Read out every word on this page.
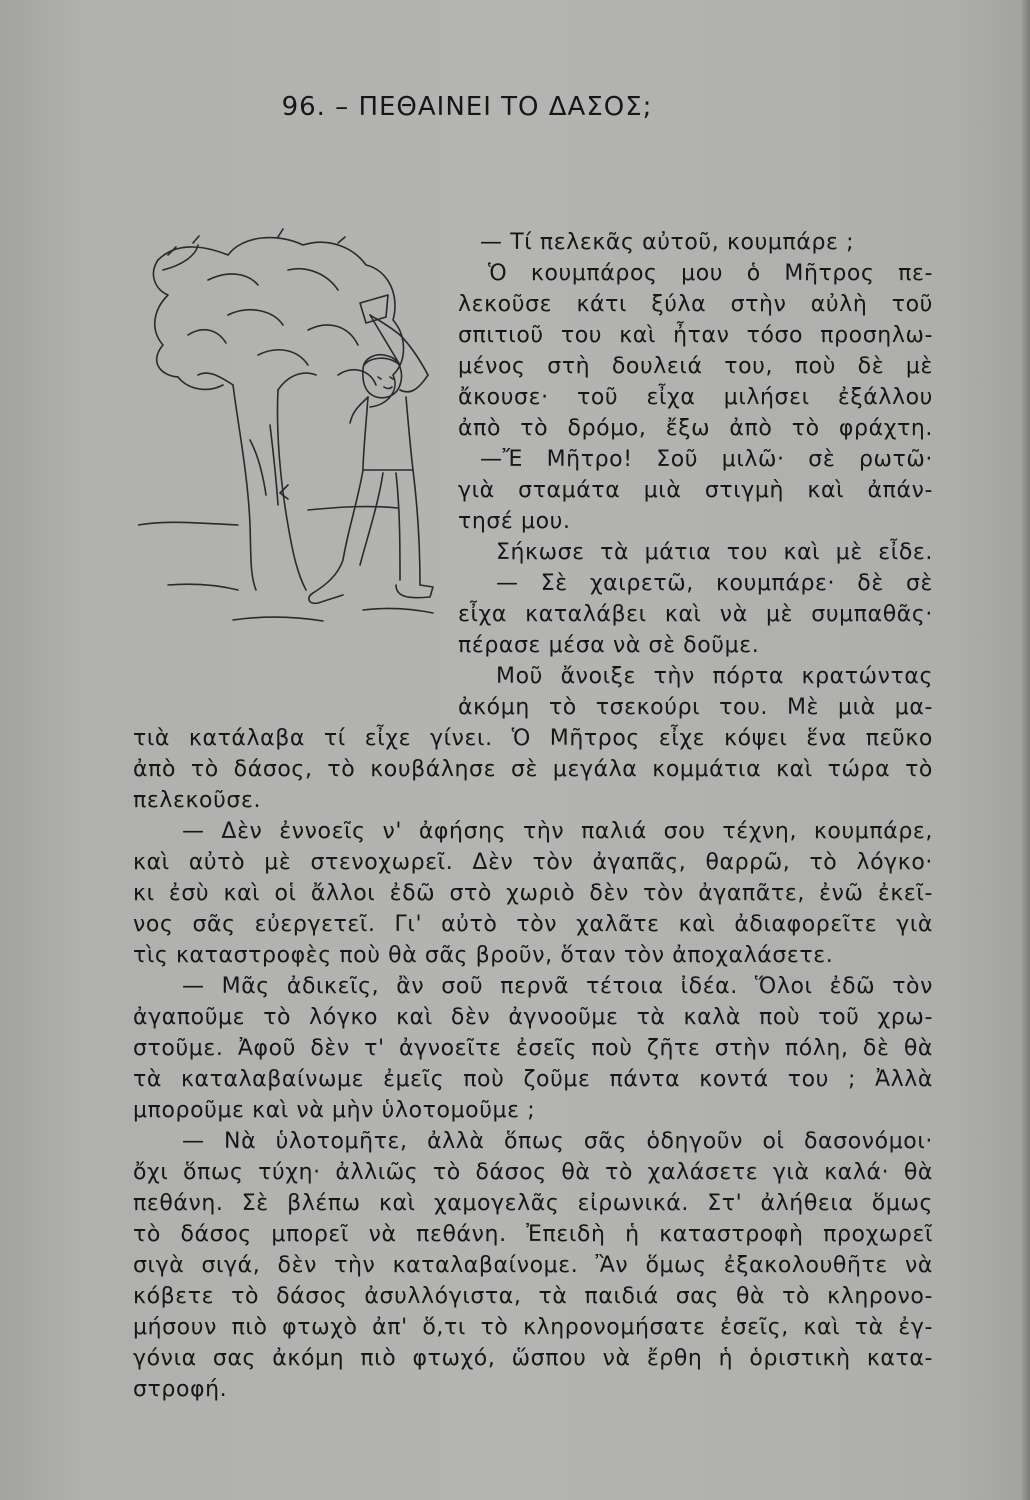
96. – ΠΕΘΑΙΝΕΙ ΤΟ ΔΑΣΟΣ;
— Τί πελεκᾶς αὐτοῦ, κουμπάρε ;
Ὁ κουμπάρος μου ὁ Μῆτρος πε-
λεκοῦσε κάτι ξύλα στὴν αὐλὴ τοῦ
σπιτιοῦ του καὶ ἦταν τόσο προσηλω-
μένος στὴ δουλειά του, ποὺ δὲ μὲ
ἄκουσε· τοῦ εἶχα μιλήσει ἐξάλλου
ἀπὸ τὸ δρόμο, ἔξω ἀπὸ τὸ φράχτη.
—Ἔ Μῆτρο! Σοῦ μιλῶ· σὲ ρωτῶ·
γιὰ σταμάτα μιὰ στιγμὴ καὶ ἀπάν-
τησέ μου.
Σήκωσε τὰ μάτια του καὶ μὲ εἶδε.
— Σὲ χαιρετῶ, κουμπάρε· δὲ σὲ
εἶχα καταλάβει καὶ νὰ μὲ συμπαθᾶς·
πέρασε μέσα νὰ σὲ δοῦμε.
Μοῦ ἄνοιξε τὴν πόρτα κρατώντας
ἀκόμη τὸ τσεκούρι του. Μὲ μιὰ μα-
τιὰ κατάλαβα τί εἶχε γίνει. Ὁ Μῆτρος εἶχε κόψει ἕνα πεῦκο
ἀπὸ τὸ δάσος, τὸ κουβάλησε σὲ μεγάλα κομμάτια καὶ τώρα τὸ
πελεκοῦσε.
— Δὲν ἐννοεῖς ν' ἀφήσης τὴν παλιά σου τέχνη, κουμπάρε,
καὶ αὐτὸ μὲ στενοχωρεῖ. Δὲν τὸν ἀγαπᾶς, θαρρῶ, τὸ λόγκο·
κι ἐσὺ καὶ οἱ ἄλλοι ἐδῶ στὸ χωριὸ δὲν τὸν ἀγαπᾶτε, ἐνῶ ἐκεῖ-
νος σᾶς εὐεργετεῖ. Γι' αὐτὸ τὸν χαλᾶτε καὶ ἀδιαφορεῖτε γιὰ
τὶς καταστροφὲς ποὺ θὰ σᾶς βροῦν, ὅταν τὸν ἀποχαλάσετε.
— Μᾶς ἀδικεῖς, ἂν σοῦ περνᾶ τέτοια ἰδέα. Ὅλοι ἐδῶ τὸν
ἀγαποῦμε τὸ λόγκο καὶ δὲν ἀγνοοῦμε τὰ καλὰ ποὺ τοῦ χρω-
στοῦμε. Ἀφοῦ δὲν τ' ἀγνοεῖτε ἐσεῖς ποὺ ζῆτε στὴν πόλη, δὲ θὰ
τὰ καταλαβαίνωμε ἐμεῖς ποὺ ζοῦμε πάντα κοντά του ; Ἀλλὰ
μποροῦμε καὶ νὰ μὴν ὑλοτομοῦμε ;
— Νὰ ὑλοτομῆτε, ἀλλὰ ὅπως σᾶς ὁδηγοῦν οἱ δασονόμοι·
ὄχι ὅπως τύχη· ἀλλιῶς τὸ δάσος θὰ τὸ χαλάσετε γιὰ καλά· θὰ
πεθάνη. Σὲ βλέπω καὶ χαμογελᾶς εἰρωνικά. Στ' ἀλήθεια ὅμως
τὸ δάσος μπορεῖ νὰ πεθάνη. Ἐπειδὴ ἡ καταστροφὴ προχωρεῖ
σιγὰ σιγά, δὲν τὴν καταλαβαίνομε. Ἂν ὅμως ἐξακολουθῆτε νὰ
κόβετε τὸ δάσος ἀσυλλόγιστα, τὰ παιδιά σας θὰ τὸ κληρονο-
μήσουν πιὸ φτωχὸ ἀπ' ὅ,τι τὸ κληρονομήσατε ἐσεῖς, καὶ τὰ ἐγ-
γόνια σας ἀκόμη πιὸ φτωχό, ὥσπου νὰ ἔρθη ἡ ὁριστικὴ κατα-
στροφή.
